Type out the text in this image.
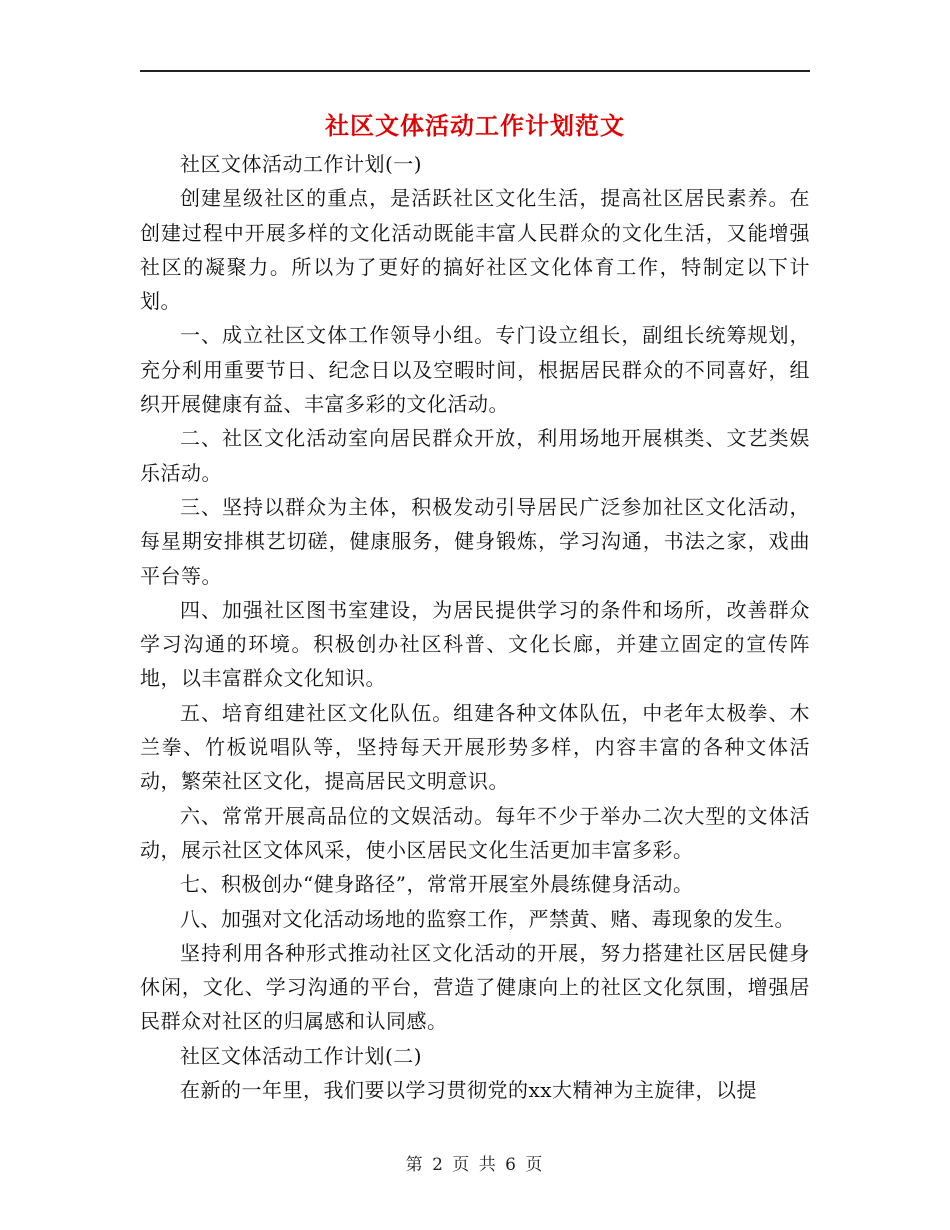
社区文体活动工作计划范文

社区文体活动工作计划(一)

创建星级社区的重点，是活跃社区文化生活，提高社区居民素养。在创建过程中开展多样的文化活动既能丰富人民群众的文化生活，又能增强社区的凝聚力。所以为了更好的搞好社区文化体育工作，特制定以下计划。

一、成立社区文体工作领导小组。专门设立组长，副组长统筹规划，充分利用重要节日、纪念日以及空暇时间，根据居民群众的不同喜好，组织开展健康有益、丰富多彩的文化活动。

二、社区文化活动室向居民群众开放，利用场地开展棋类、文艺类娱乐活动。

三、坚持以群众为主体，积极发动引导居民广泛参加社区文化活动，每星期安排棋艺切磋，健康服务，健身锻炼，学习沟通，书法之家，戏曲平台等。

四、加强社区图书室建设，为居民提供学习的条件和场所，改善群众学习沟通的环境。积极创办社区科普、文化长廊，并建立固定的宣传阵地，以丰富群众文化知识。

五、培育组建社区文化队伍。组建各种文体队伍，中老年太极拳、木兰拳、竹板说唱队等，坚持每天开展形势多样，内容丰富的各种文体活动，繁荣社区文化，提高居民文明意识。

六、常常开展高品位的文娱活动。每年不少于举办二次大型的文体活动，展示社区文体风采，使小区居民文化生活更加丰富多彩。

七、积极创办“健身路径”，常常开展室外晨练健身活动。

八、加强对文化活动场地的监察工作，严禁黄、赌、毒现象的发生。

坚持利用各种形式推动社区文化活动的开展，努力搭建社区居民健身休闲，文化、学习沟通的平台，营造了健康向上的社区文化氛围，增强居民群众对社区的归属感和认同感。

社区文体活动工作计划(二)

在新的一年里，我们要以学习贯彻党的xx大精神为主旋律，以提

第 2 页 共 6 页
